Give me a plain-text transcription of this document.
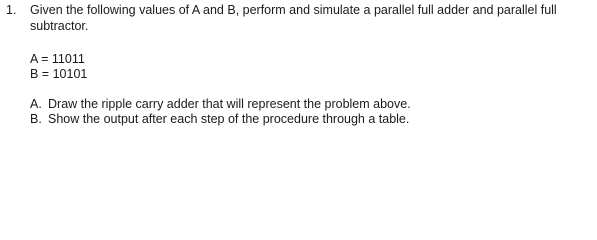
1. Given the following values of A and B, perform and simulate a parallel full adder and parallel full
subtractor.
A = 11011
B = 10101
A. Draw the ripple carry adder that will represent the problem above.
B. Show the output after each step of the procedure through a table.
